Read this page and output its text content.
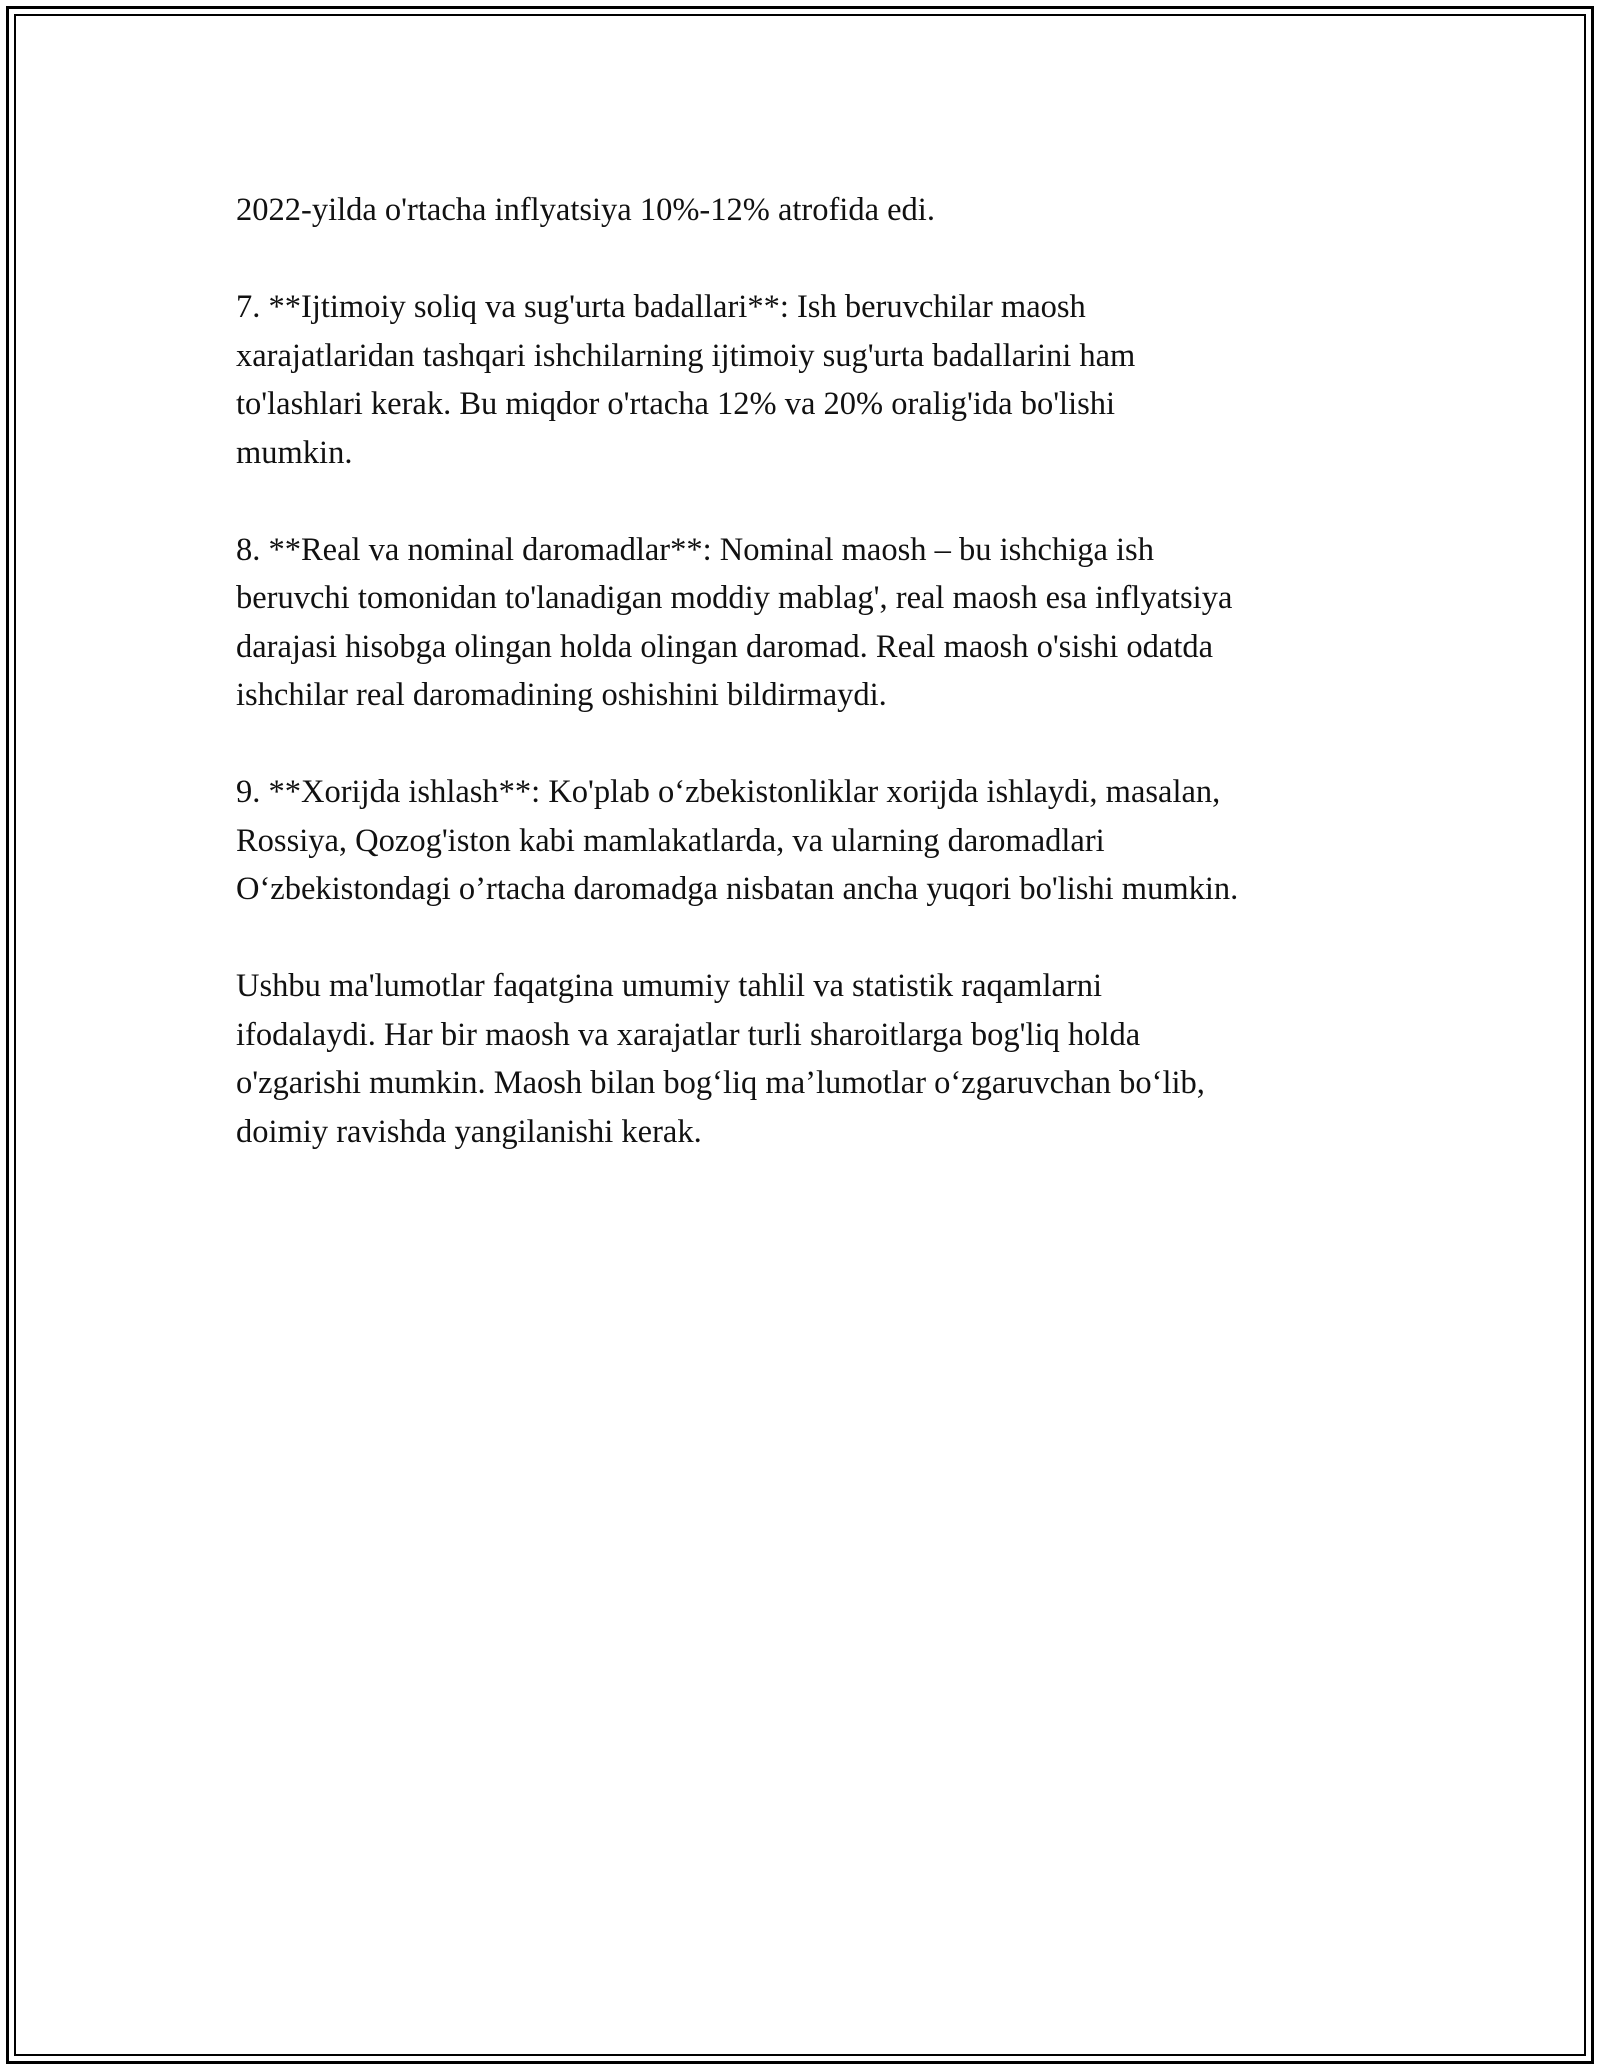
2022-yilda o'rtacha inflyatsiya 10%-12% atrofida edi.

7. **Ijtimoiy soliq va sug'urta badallari**: Ish beruvchilar maosh
xarajatlaridan tashqari ishchilarning ijtimoiy sug'urta badallarini ham
to'lashlari kerak. Bu miqdor o'rtacha 12% va 20% oralig'ida bo'lishi
mumkin.

8. **Real va nominal daromadlar**: Nominal maosh – bu ishchiga ish
beruvchi tomonidan to'lanadigan moddiy mablag', real maosh esa inflyatsiya
darajasi hisobga olingan holda olingan daromad. Real maosh o'sishi odatda
ishchilar real daromadining oshishini bildirmaydi.

9. **Xorijda ishlash**: Ko'plab o‘zbekistonliklar xorijda ishlaydi, masalan,
Rossiya, Qozog'iston kabi mamlakatlarda, va ularning daromadlari
O‘zbekistondagi o’rtacha daromadga nisbatan ancha yuqori bo'lishi mumkin.

Ushbu ma'lumotlar faqatgina umumiy tahlil va statistik raqamlarni
ifodalaydi. Har bir maosh va xarajatlar turli sharoitlarga bog'liq holda
o'zgarishi mumkin. Maosh bilan bog‘liq ma’lumotlar o‘zgaruvchan bo‘lib,
doimiy ravishda yangilanishi kerak.
